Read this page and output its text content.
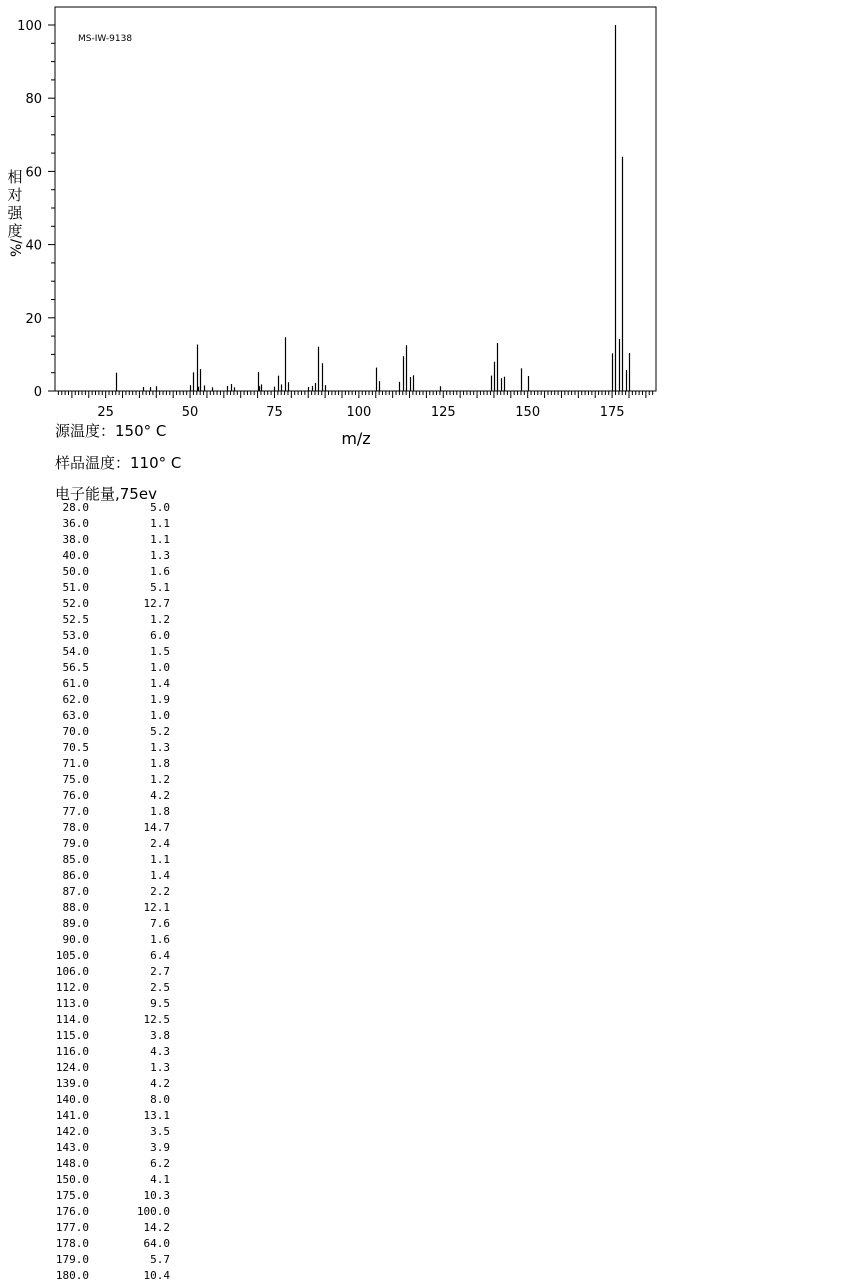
MS-IW-9138
相
对
强
度
%/
25	50	75	100	125	150	175
0
20
40
60
80
100
m/z
源温度：150° C
样品温度：110° C
电子能量,75ev
28.0	5.0
36.0	1.1
38.0	1.1
40.0	1.3
50.0	1.6
51.0	5.1
52.0	12.7
52.5	1.2
53.0	6.0
54.0	1.5
56.5	1.0
61.0	1.4
62.0	1.9
63.0	1.0
70.0	5.2
70.5	1.3
71.0	1.8
75.0	1.2
76.0	4.2
77.0	1.8
78.0	14.7
79.0	2.4
85.0	1.1
86.0	1.4
87.0	2.2
88.0	12.1
89.0	7.6
90.0	1.6
105.0	6.4
106.0	2.7
112.0	2.5
113.0	9.5
114.0	12.5
115.0	3.8
116.0	4.3
124.0	1.3
139.0	4.2
140.0	8.0
141.0	13.1
142.0	3.5
143.0	3.9
148.0	6.2
150.0	4.1
175.0	10.3
176.0	100.0
177.0	14.2
178.0	64.0
179.0	5.7
180.0	10.4
